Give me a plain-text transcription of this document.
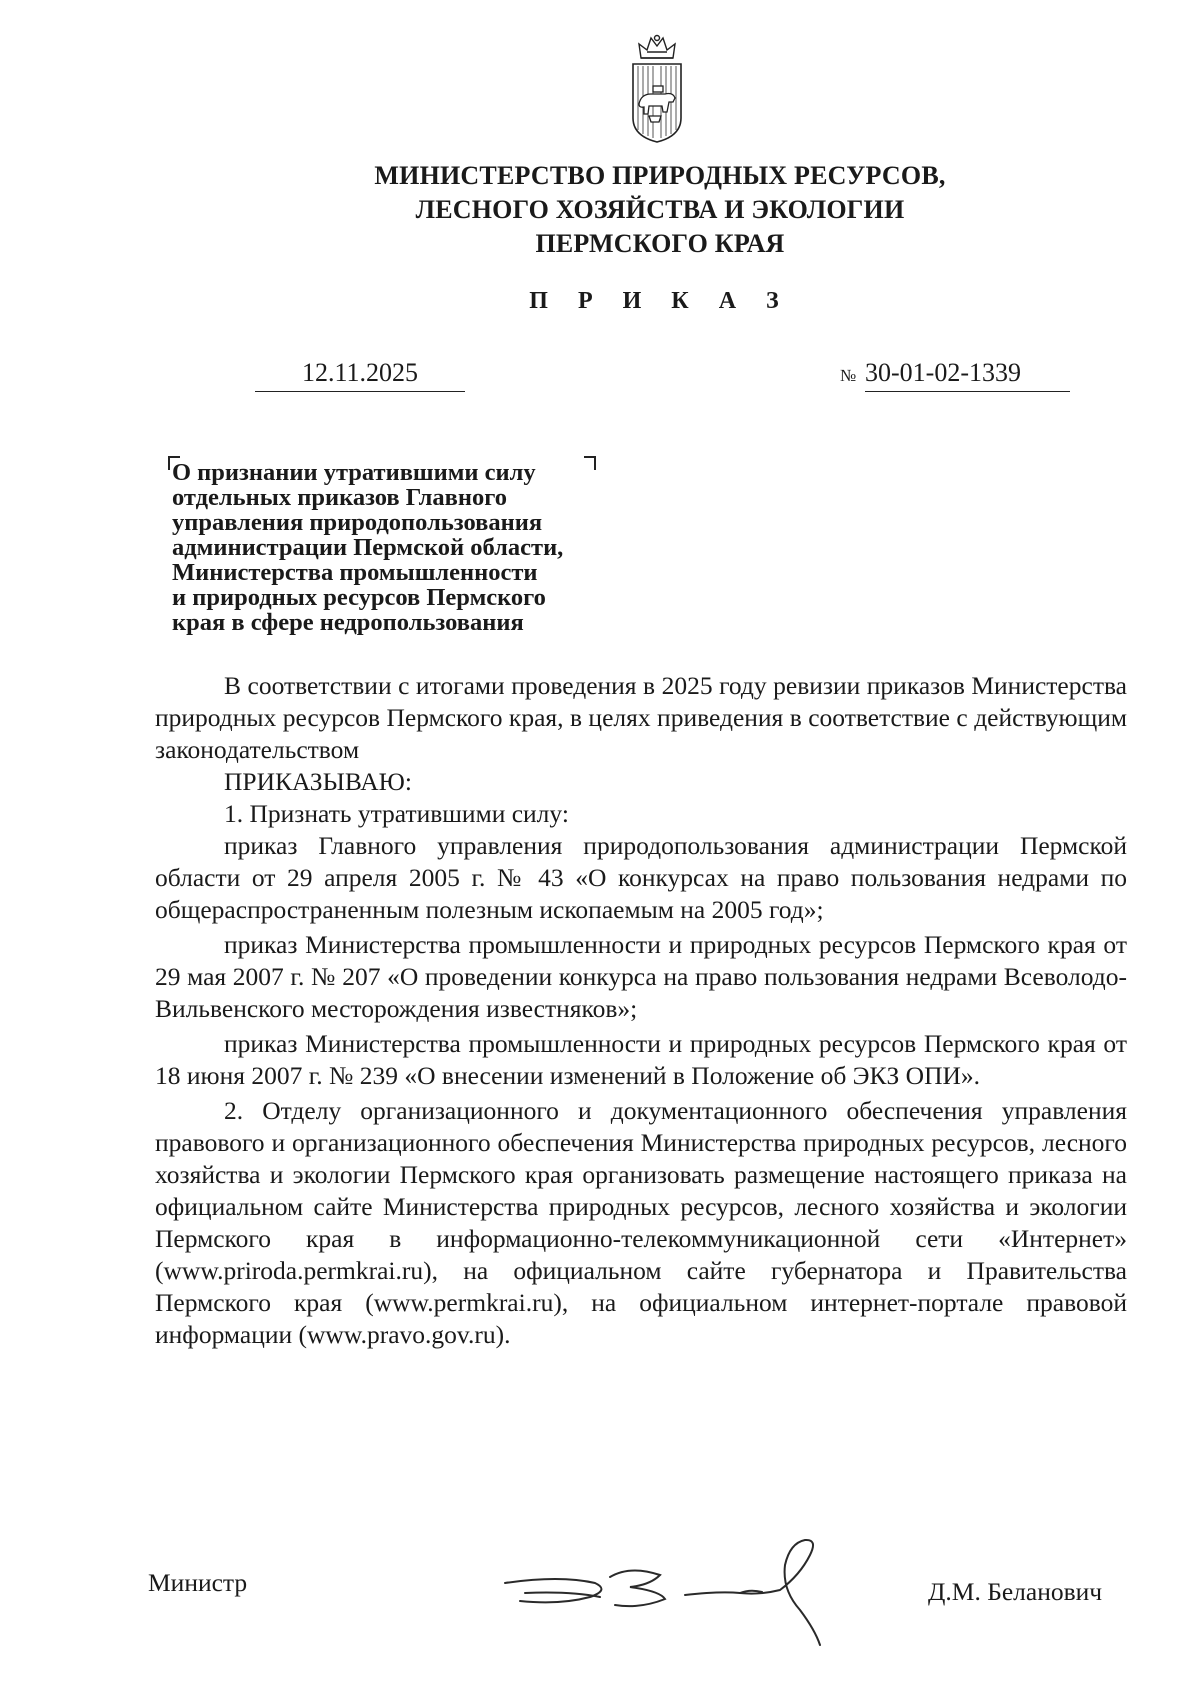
МИНИСТЕРСТВО ПРИРОДНЫХ РЕСУРСОВ,
ЛЕСНОГО ХОЗЯЙСТВА И ЭКОЛОГИИ
ПЕРМСКОГО КРАЯ
П Р И К А З
12.11.2025	№ 30-01-02-1339
О признании утратившими силу
отдельных приказов Главного
управления природопользования
администрации Пермской области,
Министерства промышленности
и природных ресурсов Пермского
края в сфере недропользования

В соответствии с итогами проведения в 2025 году ревизии приказов Министерства природных ресурсов Пермского края, в целях приведения в соответствие с действующим законодательством

ПРИКАЗЫВАЮ:

1. Признать утратившими силу:

приказ Главного управления природопользования администрации Пермской области от 29 апреля 2005 г. № 43 «О конкурсах на право пользования недрами по общераспространенным полезным ископаемым на 2005 год»;

приказ Министерства промышленности и природных ресурсов Пермского края от 29 мая 2007 г. № 207 «О проведении конкурса на право пользования недрами Всеволодо-Вильвенского месторождения известняков»;

приказ Министерства промышленности и природных ресурсов Пермского края от 18 июня 2007 г. № 239 «О внесении изменений в Положение об ЭКЗ ОПИ».

2. Отделу организационного и документационного обеспечения управления правового и организационного обеспечения Министерства природных ресурсов, лесного хозяйства и экологии Пермского края организовать размещение настоящего приказа на официальном сайте Министерства природных ресурсов, лесного хозяйства и экологии Пермского края в информационно-телекоммуникационной сети «Интернет» (www.priroda.permkrai.ru), на официальном сайте губернатора и Правительства Пермского края (www.permkrai.ru), на официальном интернет-портале правовой информации (www.pravo.gov.ru).

Министр	Д.М. Беланович
